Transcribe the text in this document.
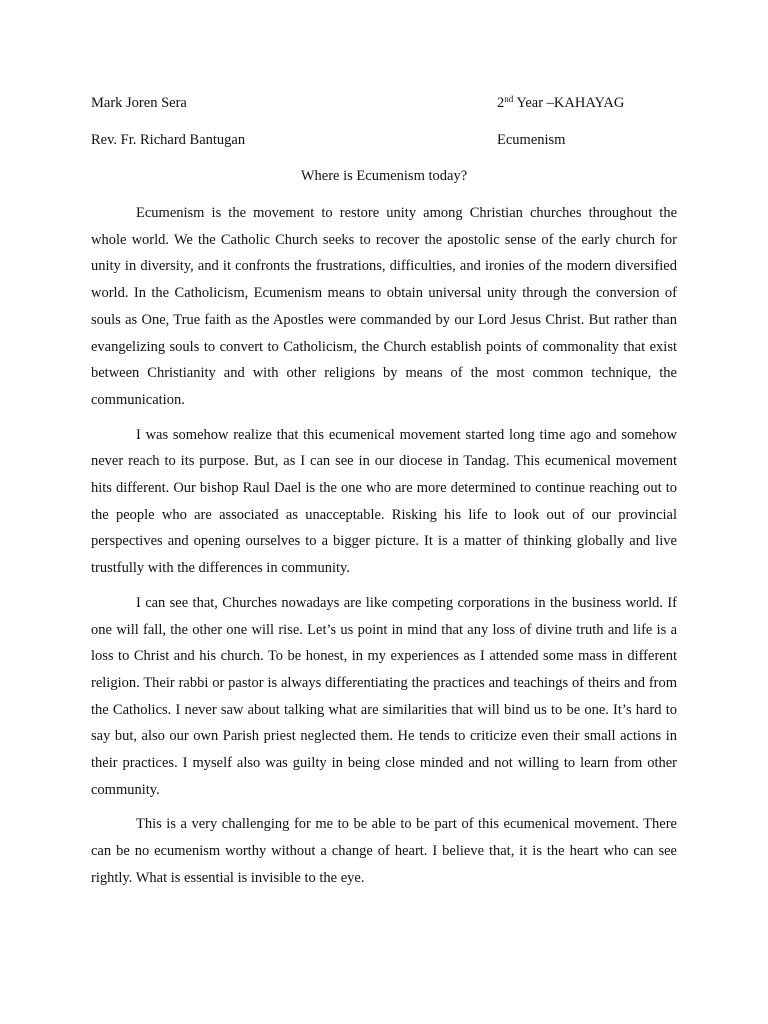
Mark Joren Sera	2nd Year –KAHAYAG
Rev. Fr. Richard Bantugan	Ecumenism
Where is Ecumenism today?

Ecumenism is the movement to restore unity among Christian churches throughout the whole world. We the Catholic Church seeks to recover the apostolic sense of the early church for unity in diversity, and it confronts the frustrations, difficulties, and ironies of the modern diversified world. In the Catholicism, Ecumenism means to obtain universal unity through the conversion of souls as One, True faith as the Apostles were commanded by our Lord Jesus Christ. But rather than evangelizing souls to convert to Catholicism, the Church establish points of commonality that exist between Christianity and with other religions by means of the most common technique, the communication.

I was somehow realize that this ecumenical movement started long time ago and somehow never reach to its purpose. But, as I can see in our diocese in Tandag. This ecumenical movement hits different. Our bishop Raul Dael is the one who are more determined to continue reaching out to the people who are associated as unacceptable. Risking his life to look out of our provincial perspectives and opening ourselves to a bigger picture. It is a matter of thinking globally and live trustfully with the differences in community.

I can see that, Churches nowadays are like competing corporations in the business world. If one will fall, the other one will rise. Let’s us point in mind that any loss of divine truth and life is a loss to Christ and his church. To be honest, in my experiences as I attended some mass in different religion. Their rabbi or pastor is always differentiating the practices and teachings of theirs and from the Catholics. I never saw about talking what are similarities that will bind us to be one. It’s hard to say but, also our own Parish priest neglected them. He tends to criticize even their small actions in their practices. I myself also was guilty in being close minded and not willing to learn from other community.

This is a very challenging for me to be able to be part of this ecumenical movement. There can be no ecumenism worthy without a change of heart. I believe that, it is the heart who can see rightly. What is essential is invisible to the eye.
